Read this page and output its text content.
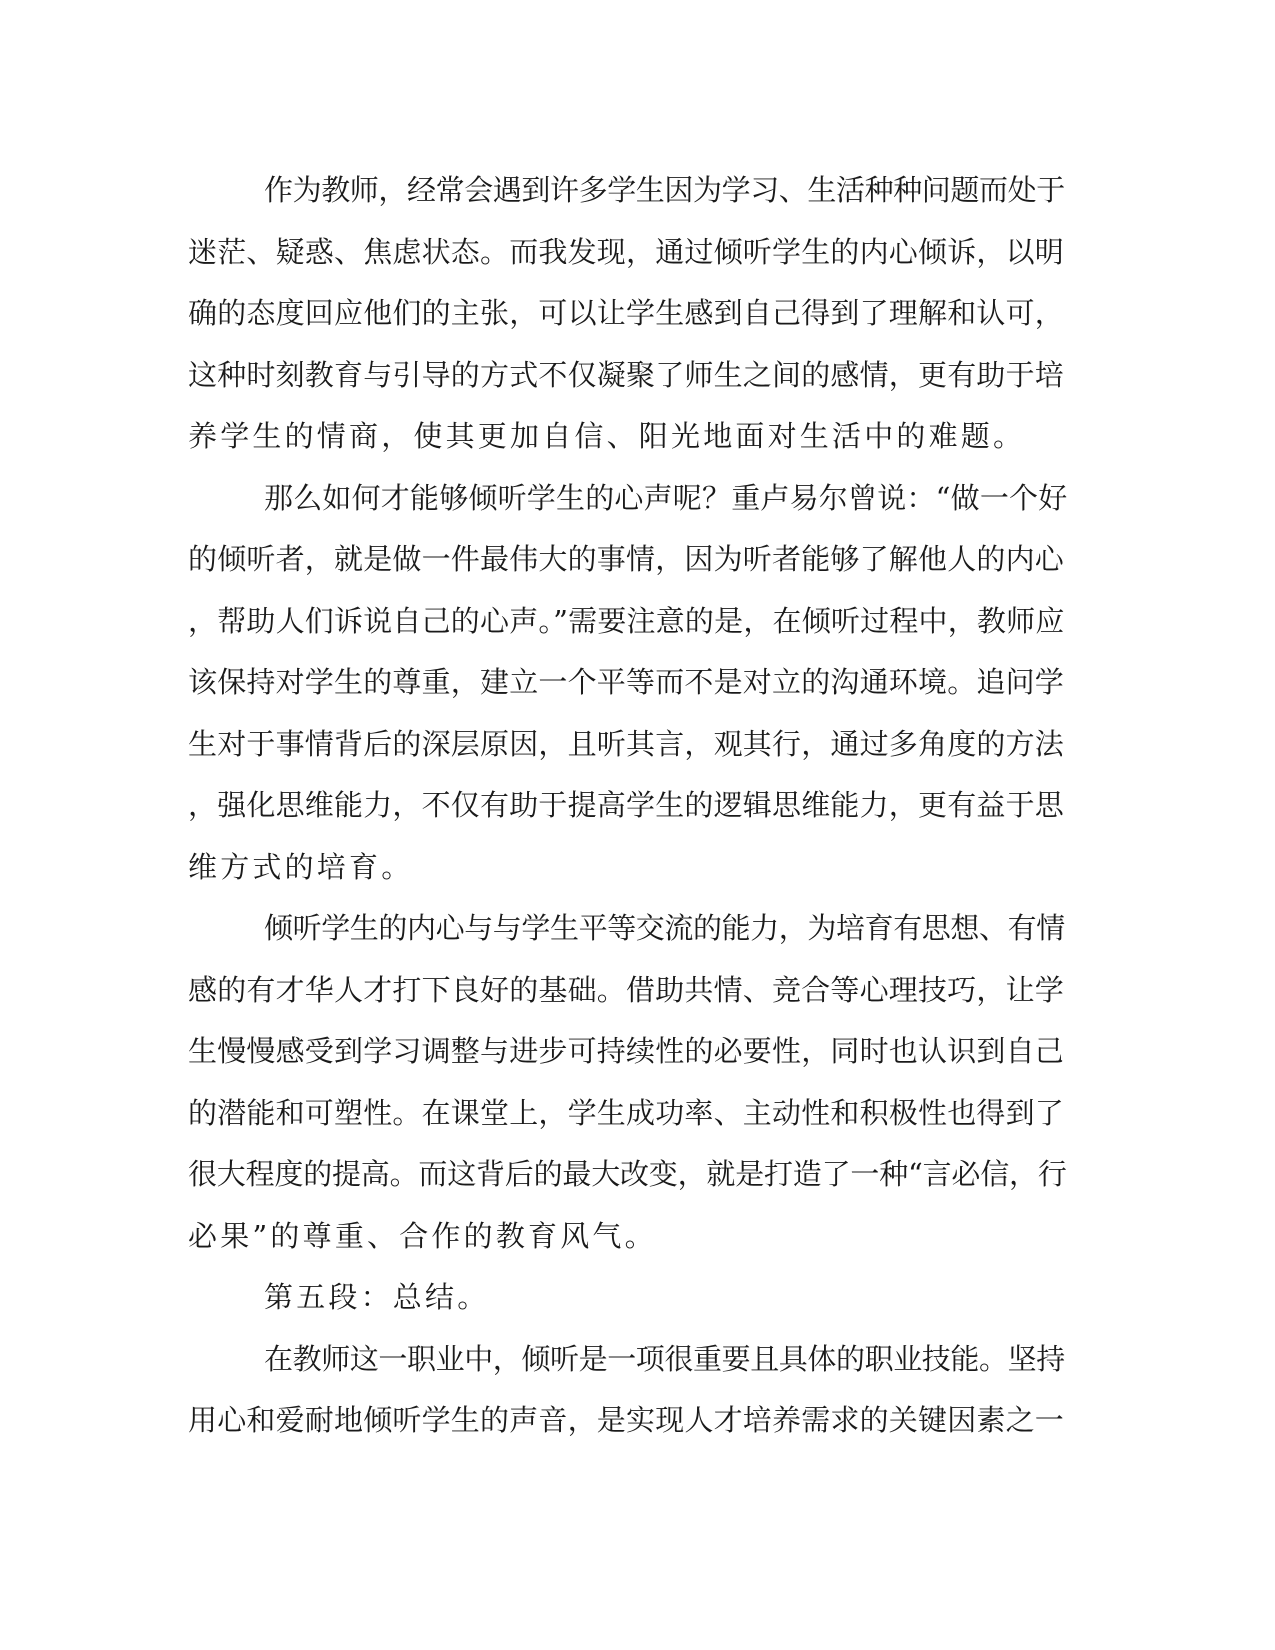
作为教师，经常会遇到许多学生因为学习、生活种种问题而处于
迷茫、疑惑、焦虑状态。而我发现，通过倾听学生的内心倾诉，以明
确的态度回应他们的主张，可以让学生感到自己得到了理解和认可，
这种时刻教育与引导的方式不仅凝聚了师生之间的感情，更有助于培
养学生的情商，使其更加自信、阳光地面对生活中的难题。
那么如何才能够倾听学生的心声呢？重卢易尔曾说：“做一个好
的倾听者，就是做一件最伟大的事情，因为听者能够了解他人的内心
，帮助人们诉说自己的心声。”需要注意的是，在倾听过程中，教师应
该保持对学生的尊重，建立一个平等而不是对立的沟通环境。追问学
生对于事情背后的深层原因，且听其言，观其行，通过多角度的方法
，强化思维能力，不仅有助于提高学生的逻辑思维能力，更有益于思
维方式的培育。
倾听学生的内心与与学生平等交流的能力，为培育有思想、有情
感的有才华人才打下良好的基础。借助共情、竞合等心理技巧，让学
生慢慢感受到学习调整与进步可持续性的必要性，同时也认识到自己
的潜能和可塑性。在课堂上，学生成功率、主动性和积极性也得到了
很大程度的提高。而这背后的最大改变，就是打造了一种“言必信，行
必果”的尊重、合作的教育风气。
第五段：总结。
在教师这一职业中，倾听是一项很重要且具体的职业技能。坚持
用心和爱耐地倾听学生的声音，是实现人才培养需求的关键因素之一
